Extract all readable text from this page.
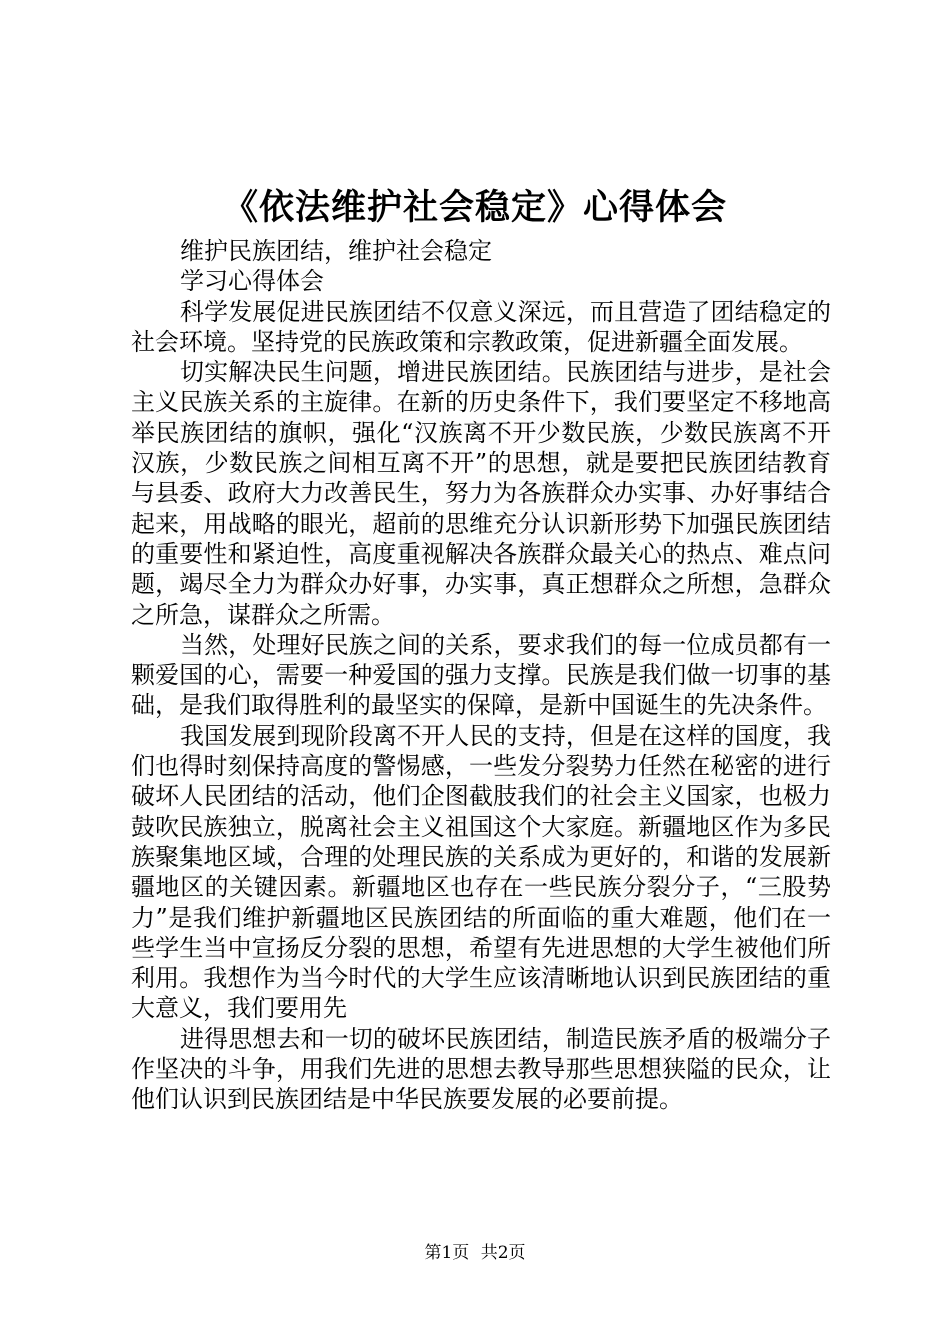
《依法维护社会稳定》心得体会

维护民族团结，维护社会稳定

学习心得体会

科学发展促进民族团结不仅意义深远，而且营造了团结稳定的社会环境。坚持党的民族政策和宗教政策，促进新疆全面发展。

切实解决民生问题，增进民族团结。民族团结与进步，是社会主义民族关系的主旋律。在新的历史条件下，我们要坚定不移地高举民族团结的旗帜，强化“汉族离不开少数民族，少数民族离不开汉族，少数民族之间相互离不开”的思想，就是要把民族团结教育与县委、政府大力改善民生，努力为各族群众办实事、办好事结合起来，用战略的眼光，超前的思维充分认识新形势下加强民族团结的重要性和紧迫性，高度重视解决各族群众最关心的热点、难点问题，竭尽全力为群众办好事，办实事，真正想群众之所想，急群众之所急，谋群众之所需。

当然，处理好民族之间的关系，要求我们的每一位成员都有一颗爱国的心，需要一种爱国的强力支撑。民族是我们做一切事的基础，是我们取得胜利的最坚实的保障，是新中国诞生的先决条件。

我国发展到现阶段离不开人民的支持，但是在这样的国度，我们也得时刻保持高度的警惕感，一些发分裂势力任然在秘密的进行破坏人民团结的活动，他们企图截肢我们的社会主义国家，也极力鼓吹民族独立，脱离社会主义祖国这个大家庭。新疆地区作为多民族聚集地区域，合理的处理民族的关系成为更好的，和谐的发展新疆地区的关键因素。新疆地区也存在一些民族分裂分子，“三股势力”是我们维护新疆地区民族团结的所面临的重大难题，他们在一些学生当中宣扬反分裂的思想，希望有先进思想的大学生被他们所利用。我想作为当今时代的大学生应该清晰地认识到民族团结的重大意义，我们要用先

进得思想去和一切的破坏民族团结，制造民族矛盾的极端分子作坚决的斗争，用我们先进的思想去教导那些思想狭隘的民众，让他们认识到民族团结是中华民族要发展的必要前提。

第1页 共2页
